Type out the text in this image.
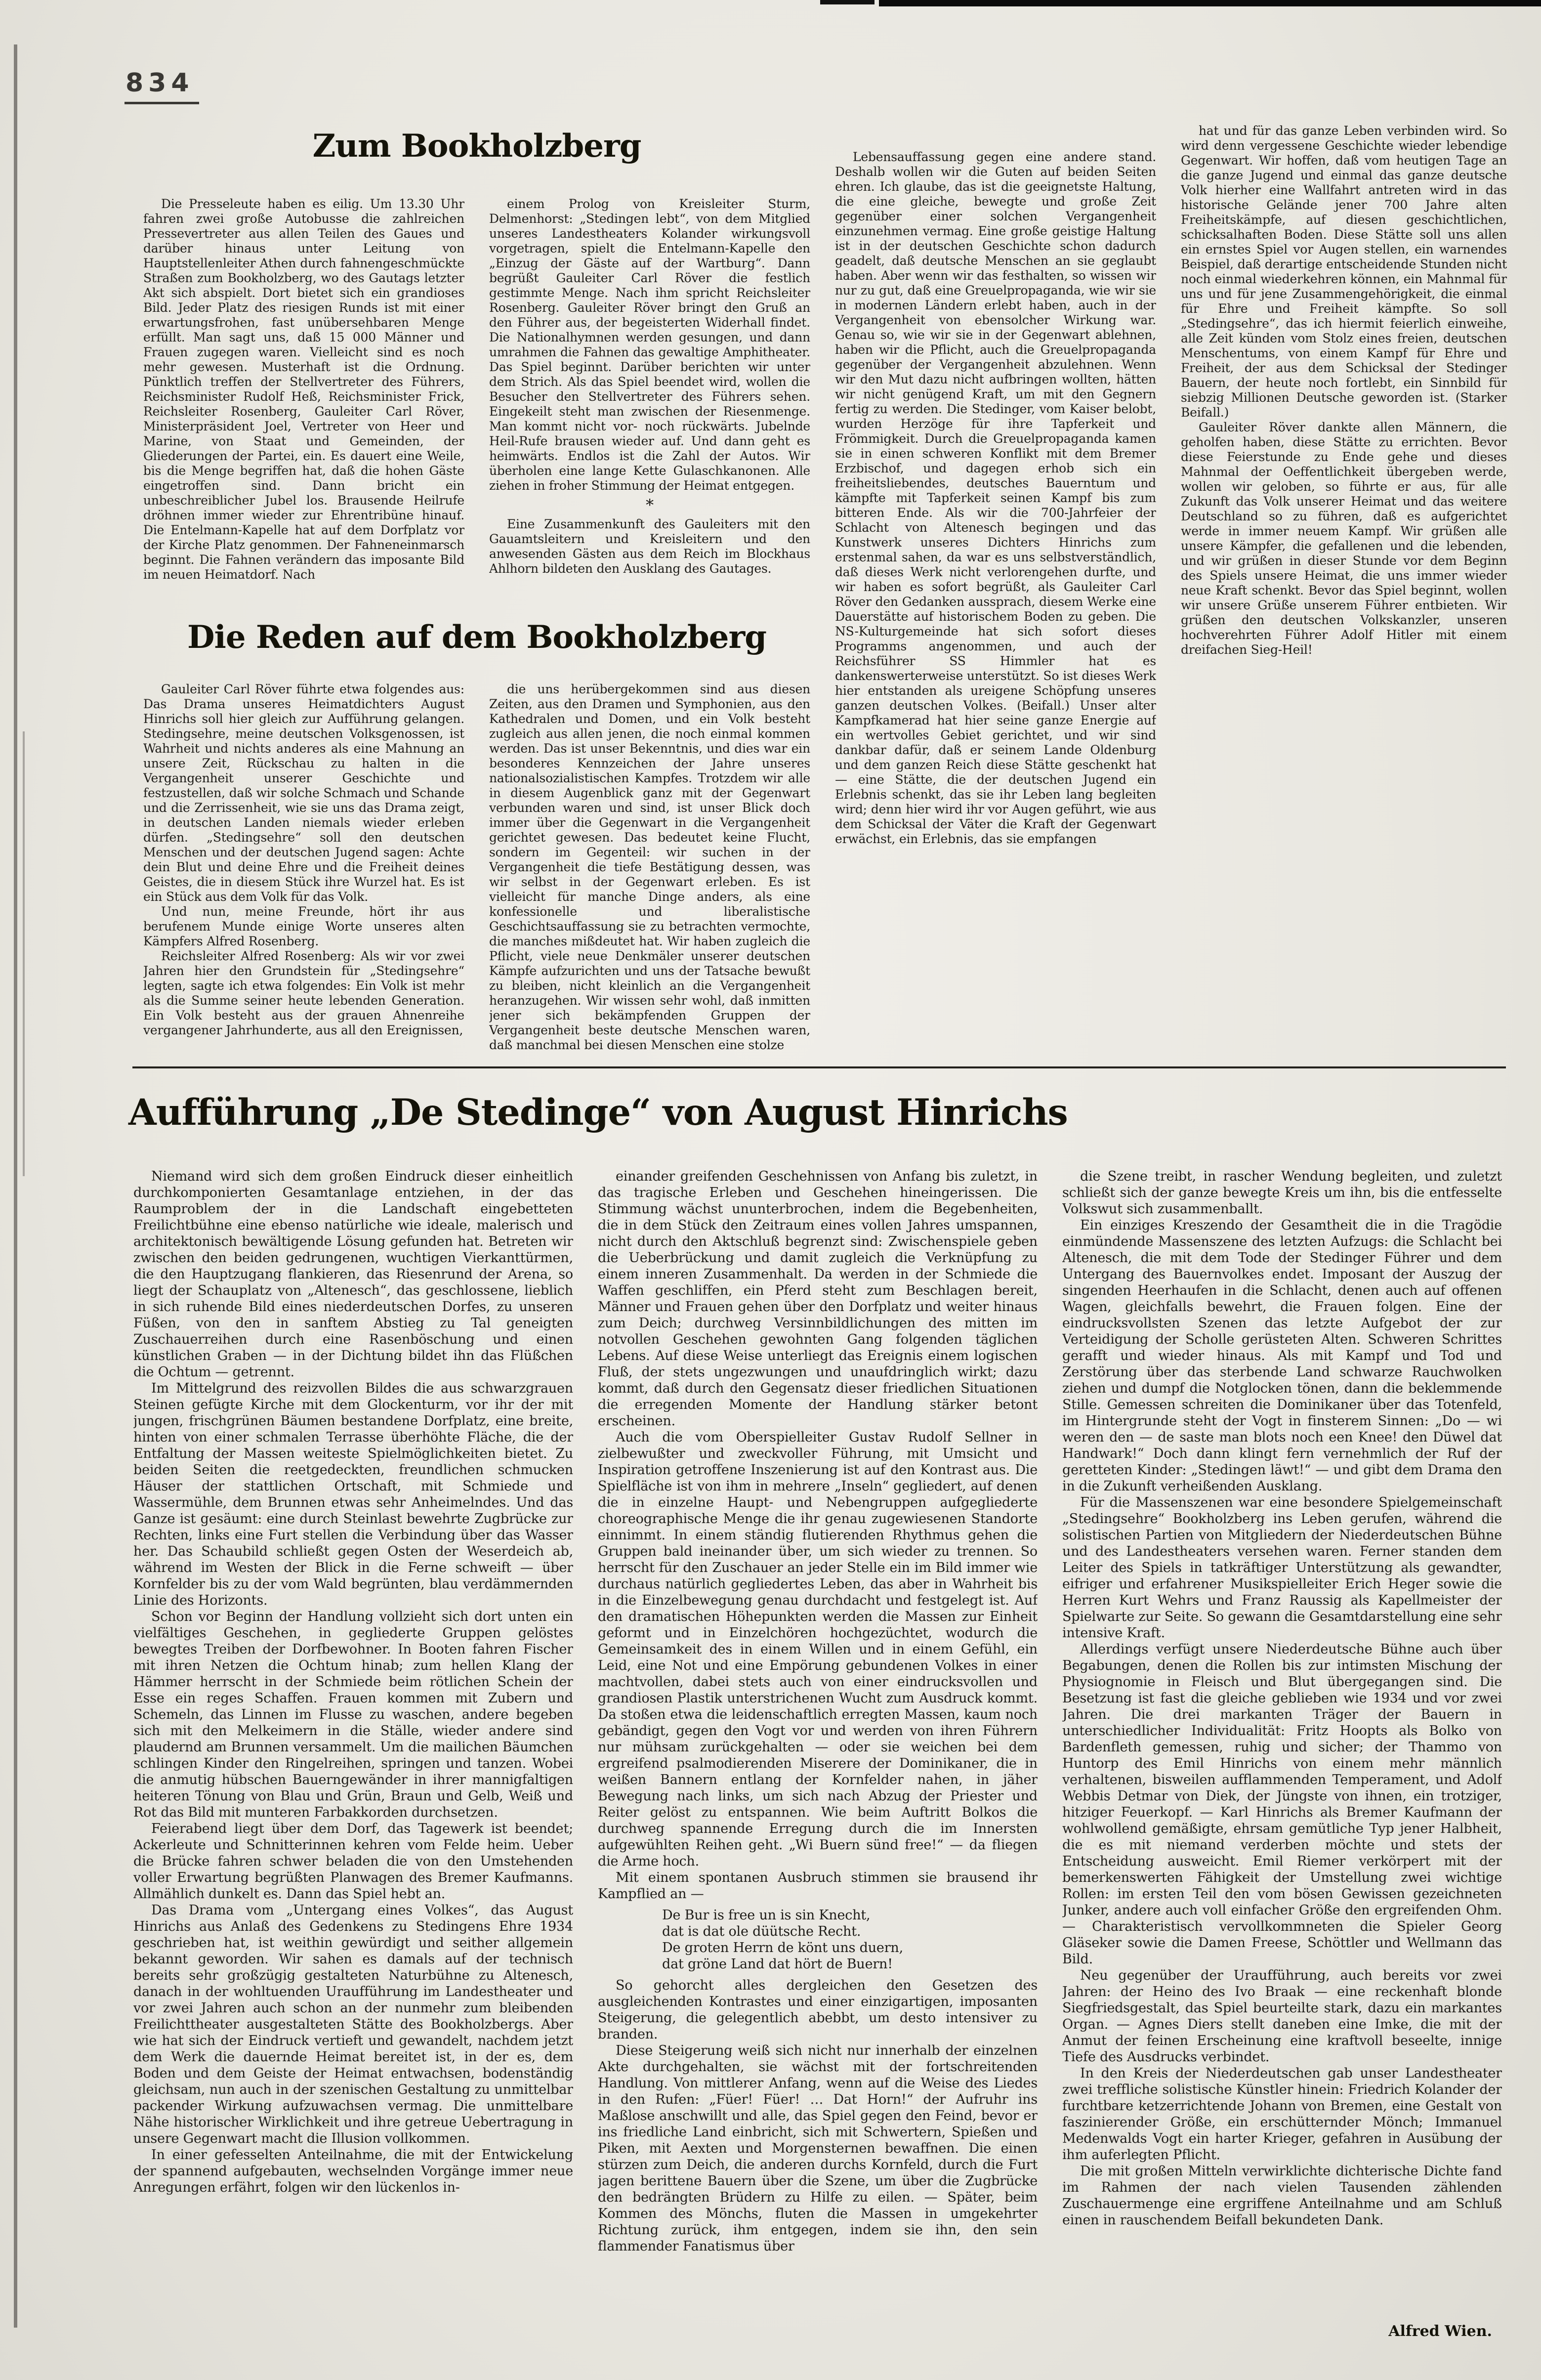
834
Zum Bookholzberg

Die Presseleute haben es eilig. Um 13.30 Uhr fahren zwei große Autobusse die zahlreichen Pressevertreter aus allen Teilen des Gaues und darüber hinaus unter Leitung von Hauptstellenleiter Athen durch fahnengeschmückte Straßen zum Bookholzberg, wo des Gautags letzter Akt sich abspielt. Dort bietet sich ein grandioses Bild. Jeder Platz des riesigen Runds ist mit einer erwartungsfrohen, fast unübersehbaren Menge erfüllt. Man sagt uns, daß 15 000 Männer und Frauen zugegen waren. Vielleicht sind es noch mehr gewesen. Musterhaft ist die Ordnung. Pünktlich treffen der Stellvertreter des Führers, Reichsminister Rudolf Heß, Reichsminister Frick, Reichsleiter Rosenberg, Gauleiter Carl Röver, Ministerpräsident Joel, Vertreter von Heer und Marine, von Staat und Gemeinden, der Gliederungen der Partei, ein. Es dauert eine Weile, bis die Menge begriffen hat, daß die hohen Gäste eingetroffen sind. Dann bricht ein unbeschreiblicher Jubel los. Brausende Heilrufe dröhnen immer wieder zur Ehrentribüne hinauf. Die Entelmann-Kapelle hat auf dem Dorfplatz vor der Kirche Platz genommen. Der Fahneneinmarsch beginnt. Die Fahnen verändern das imposante Bild im neuen Heimatdorf. Nach

einem Prolog von Kreisleiter Sturm, Delmenhorst: „Stedingen lebt“, von dem Mitglied unseres Landestheaters Kolander wirkungsvoll vorgetragen, spielt die Entelmann-Kapelle den „Einzug der Gäste auf der Wartburg“. Dann begrüßt Gauleiter Carl Röver die festlich gestimmte Menge. Nach ihm spricht Reichsleiter Rosenberg. Gauleiter Röver bringt den Gruß an den Führer aus, der begeisterten Widerhall findet. Die Nationalhymnen werden gesungen, und dann umrahmen die Fahnen das gewaltige Amphitheater. Das Spiel beginnt. Darüber berichten wir unter dem Strich. Als das Spiel beendet wird, wollen die Besucher den Stellvertreter des Führers sehen. Eingekeilt steht man zwischen der Riesenmenge. Man kommt nicht vor- noch rückwärts. Jubelnde Heil-Rufe brausen wieder auf. Und dann geht es heimwärts. Endlos ist die Zahl der Autos. Wir überholen eine lange Kette Gulaschkanonen. Alle ziehen in froher Stimmung der Heimat entgegen.

*

Eine Zusammenkunft des Gauleiters mit den Gauamtsleitern und Kreisleitern und den anwesenden Gästen aus dem Reich im Blockhaus Ahlhorn bildeten den Ausklang des Gautages.

Die Reden auf dem Bookholzberg

Gauleiter Carl Röver führte etwa folgendes aus: Das Drama unseres Heimatdichters August Hinrichs soll hier gleich zur Aufführung gelangen. Stedingsehre, meine deutschen Volksgenossen, ist Wahrheit und nichts anderes als eine Mahnung an unsere Zeit, Rückschau zu halten in die Vergangenheit unserer Geschichte und festzustellen, daß wir solche Schmach und Schande und die Zerrissenheit, wie sie uns das Drama zeigt, in deutschen Landen niemals wieder erleben dürfen. „Stedingsehre“ soll den deutschen Menschen und der deutschen Jugend sagen: Achte dein Blut und deine Ehre und die Freiheit deines Geistes, die in diesem Stück ihre Wurzel hat. Es ist ein Stück aus dem Volk für das Volk.

Und nun, meine Freunde, hört ihr aus berufenem Munde einige Worte unseres alten Kämpfers Alfred Rosenberg.

Reichsleiter Alfred Rosenberg: Als wir vor zwei Jahren hier den Grundstein für „Stedingsehre“ legten, sagte ich etwa folgendes: Ein Volk ist mehr als die Summe seiner heute lebenden Generation. Ein Volk besteht aus der grauen Ahnenreihe vergangener Jahrhunderte, aus all den Ereignissen,

die uns herübergekommen sind aus diesen Zeiten, aus den Dramen und Symphonien, aus den Kathedralen und Domen, und ein Volk besteht zugleich aus allen jenen, die noch einmal kommen werden. Das ist unser Bekenntnis, und dies war ein besonderes Kennzeichen der Jahre unseres nationalsozialistischen Kampfes. Trotzdem wir alle in diesem Augenblick ganz mit der Gegenwart verbunden waren und sind, ist unser Blick doch immer über die Gegenwart in die Vergangenheit gerichtet gewesen. Das bedeutet keine Flucht, sondern im Gegenteil: wir suchen in der Vergangenheit die tiefe Bestätigung dessen, was wir selbst in der Gegenwart erleben. Es ist vielleicht für manche Dinge anders, als eine konfessionelle und liberalistische Geschichtsauffassung sie zu betrachten vermochte, die manches mißdeutet hat. Wir haben zugleich die Pflicht, viele neue Denkmäler unserer deutschen Kämpfe aufzurichten und uns der Tatsache bewußt zu bleiben, nicht kleinlich an die Vergangenheit heranzugehen. Wir wissen sehr wohl, daß inmitten jener sich bekämpfenden Gruppen der Vergangenheit beste deutsche Menschen waren, daß manchmal bei diesen Menschen eine stolze

Lebensauffassung gegen eine andere stand. Deshalb wollen wir die Guten auf beiden Seiten ehren. Ich glaube, das ist die geeignetste Haltung, die eine gleiche, bewegte und große Zeit gegenüber einer solchen Vergangenheit einzunehmen vermag. Eine große geistige Haltung ist in der deutschen Geschichte schon dadurch geadelt, daß deutsche Menschen an sie geglaubt haben. Aber wenn wir das festhalten, so wissen wir nur zu gut, daß eine Greuelpropaganda, wie wir sie in modernen Ländern erlebt haben, auch in der Vergangenheit von ebensolcher Wirkung war. Genau so, wie wir sie in der Gegenwart ablehnen, haben wir die Pflicht, auch die Greuelpropaganda gegenüber der Vergangenheit abzulehnen. Wenn wir den Mut dazu nicht aufbringen wollten, hätten wir nicht genügend Kraft, um mit den Gegnern fertig zu werden. Die Stedinger, vom Kaiser belobt, wurden Herzöge für ihre Tapferkeit und Frömmigkeit. Durch die Greuelpropaganda kamen sie in einen schweren Konflikt mit dem Bremer Erzbischof, und dagegen erhob sich ein freiheitsliebendes, deutsches Bauerntum und kämpfte mit Tapferkeit seinen Kampf bis zum bitteren Ende. Als wir die 700-Jahrfeier der Schlacht von Altenesch begingen und das Kunstwerk unseres Dichters Hinrichs zum erstenmal sahen, da war es uns selbstverständlich, daß dieses Werk nicht verlorengehen durfte, und wir haben es sofort begrüßt, als Gauleiter Carl Röver den Gedanken aussprach, diesem Werke eine Dauerstätte auf historischem Boden zu geben. Die NS-Kulturgemeinde hat sich sofort dieses Programms angenommen, und auch der Reichsführer SS Himmler hat es dankenswerterweise unterstützt. So ist dieses Werk hier entstanden als ureigene Schöpfung unseres ganzen deutschen Volkes. (Beifall.) Unser alter Kampfkamerad hat hier seine ganze Energie auf ein wertvolles Gebiet gerichtet, und wir sind dankbar dafür, daß er seinem Lande Oldenburg und dem ganzen Reich diese Stätte geschenkt hat — eine Stätte, die der deutschen Jugend ein Erlebnis schenkt, das sie ihr Leben lang begleiten wird; denn hier wird ihr vor Augen geführt, wie aus dem Schicksal der Väter die Kraft der Gegenwart erwächst, ein Erlebnis, das sie empfangen

hat und für das ganze Leben verbinden wird. So wird denn vergessene Geschichte wieder lebendige Gegenwart. Wir hoffen, daß vom heutigen Tage an die ganze Jugend und einmal das ganze deutsche Volk hierher eine Wallfahrt antreten wird in das historische Gelände jener 700 Jahre alten Freiheitskämpfe, auf diesen geschichtlichen, schicksalhaften Boden. Diese Stätte soll uns allen ein ernstes Spiel vor Augen stellen, ein warnendes Beispiel, daß derartige entscheidende Stunden nicht noch einmal wiederkehren können, ein Mahnmal für uns und für jene Zusammengehörigkeit, die einmal für Ehre und Freiheit kämpfte. So soll „Stedingsehre“, das ich hiermit feierlich einweihe, alle Zeit künden vom Stolz eines freien, deutschen Menschentums, von einem Kampf für Ehre und Freiheit, der aus dem Schicksal der Stedinger Bauern, der heute noch fortlebt, ein Sinnbild für siebzig Millionen Deutsche geworden ist. (Starker Beifall.)

Gauleiter Röver dankte allen Männern, die geholfen haben, diese Stätte zu errichten. Bevor diese Feierstunde zu Ende gehe und dieses Mahnmal der Oeffentlichkeit übergeben werde, wollen wir geloben, so führte er aus, für alle Zukunft das Volk unserer Heimat und das weitere Deutschland so zu führen, daß es aufgerichtet werde in immer neuem Kampf. Wir grüßen alle unsere Kämpfer, die gefallenen und die lebenden, und wir grüßen in dieser Stunde vor dem Beginn des Spiels unsere Heimat, die uns immer wieder neue Kraft schenkt. Bevor das Spiel beginnt, wollen wir unsere Grüße unserem Führer entbieten. Wir grüßen den deutschen Volkskanzler, unseren hochverehrten Führer Adolf Hitler mit einem dreifachen Sieg-Heil!

Aufführung „De Stedinge“ von August Hinrichs

Niemand wird sich dem großen Eindruck dieser einheitlich durchkomponierten Gesamtanlage entziehen, in der das Raumproblem der in die Landschaft eingebetteten Freilichtbühne eine ebenso natürliche wie ideale, malerisch und architektonisch bewältigende Lösung gefunden hat. Betreten wir zwischen den beiden gedrungenen, wuchtigen Vierkanttürmen, die den Hauptzugang flankieren, das Riesenrund der Arena, so liegt der Schauplatz von „Altenesch“, das geschlossene, lieblich in sich ruhende Bild eines niederdeutschen Dorfes, zu unseren Füßen, von den in sanftem Abstieg zu Tal geneigten Zuschauerreihen durch eine Rasenböschung und einen künstlichen Graben — in der Dichtung bildet ihn das Flüßchen die Ochtum — getrennt.

Im Mittelgrund des reizvollen Bildes die aus schwarzgrauen Steinen gefügte Kirche mit dem Glockenturm, vor ihr der mit jungen, frischgrünen Bäumen bestandene Dorfplatz, eine breite, hinten von einer schmalen Terrasse überhöhte Fläche, die der Entfaltung der Massen weiteste Spielmöglichkeiten bietet. Zu beiden Seiten die reetgedeckten, freundlichen schmucken Häuser der stattlichen Ortschaft, mit Schmiede und Wassermühle, dem Brunnen etwas sehr Anheimelndes. Und das Ganze ist gesäumt: eine durch Steinlast bewehrte Zugbrücke zur Rechten, links eine Furt stellen die Verbindung über das Wasser her. Das Schaubild schließt gegen Osten der Weserdeich ab, während im Westen der Blick in die Ferne schweift — über Kornfelder bis zu der vom Wald begrünten, blau verdämmernden Linie des Horizonts.

Schon vor Beginn der Handlung vollzieht sich dort unten ein vielfältiges Geschehen, in gegliederte Gruppen gelöstes bewegtes Treiben der Dorfbewohner. In Booten fahren Fischer mit ihren Netzen die Ochtum hinab; zum hellen Klang der Hämmer herrscht in der Schmiede beim rötlichen Schein der Esse ein reges Schaffen. Frauen kommen mit Zubern und Schemeln, das Linnen im Flusse zu waschen, andere begeben sich mit den Melkeimern in die Ställe, wieder andere sind plaudernd am Brunnen versammelt. Um die mailichen Bäumchen schlingen Kinder den Ringelreihen, springen und tanzen. Wobei die anmutig hübschen Bauerngewänder in ihrer mannigfaltigen heiteren Tönung von Blau und Grün, Braun und Gelb, Weiß und Rot das Bild mit munteren Farbakkorden durchsetzen.

Feierabend liegt über dem Dorf, das Tagewerk ist beendet; Ackerleute und Schnitterinnen kehren vom Felde heim. Ueber die Brücke fahren schwer beladen die von den Umstehenden voller Erwartung begrüßten Planwagen des Bremer Kaufmanns. Allmählich dunkelt es. Dann das Spiel hebt an.

Das Drama vom „Untergang eines Volkes“, das August Hinrichs aus Anlaß des Gedenkens zu Stedingens Ehre 1934 geschrieben hat, ist weithin gewürdigt und seither allgemein bekannt geworden. Wir sahen es damals auf der technisch bereits sehr großzügig gestalteten Naturbühne zu Altenesch, danach in der wohltuenden Uraufführung im Landestheater und vor zwei Jahren auch schon an der nunmehr zum bleibenden Freilichttheater ausgestalteten Stätte des Bookholzbergs. Aber wie hat sich der Eindruck vertieft und gewandelt, nachdem jetzt dem Werk die dauernde Heimat bereitet ist, in der es, dem Boden und dem Geiste der Heimat entwachsen, bodenständig gleichsam, nun auch in der szenischen Gestaltung zu unmittelbar packender Wirkung aufzuwachsen vermag. Die unmittelbare Nähe historischer Wirklichkeit und ihre getreue Uebertragung in unsere Gegenwart macht die Illusion vollkommen.

In einer gefesselten Anteilnahme, die mit der Entwickelung der spannend aufgebauten, wechselnden Vorgänge immer neue Anregungen erfährt, folgen wir den lückenlos in-

einander greifenden Geschehnissen von Anfang bis zuletzt, in das tragische Erleben und Geschehen hineingerissen. Die Stimmung wächst ununterbrochen, indem die Begebenheiten, die in dem Stück den Zeitraum eines vollen Jahres umspannen, nicht durch den Aktschluß begrenzt sind: Zwischenspiele geben die Ueberbrückung und damit zugleich die Verknüpfung zu einem inneren Zusammenhalt. Da werden in der Schmiede die Waffen geschliffen, ein Pferd steht zum Beschlagen bereit, Männer und Frauen gehen über den Dorfplatz und weiter hinaus zum Deich; durchweg Versinnbildlichungen des mitten im notvollen Geschehen gewohnten Gang folgenden täglichen Lebens. Auf diese Weise unterliegt das Ereignis einem logischen Fluß, der stets ungezwungen und unaufdringlich wirkt; dazu kommt, daß durch den Gegensatz dieser friedlichen Situationen die erregenden Momente der Handlung stärker betont erscheinen.

Auch die vom Oberspielleiter Gustav Rudolf Sellner in zielbewußter und zweckvoller Führung, mit Umsicht und Inspiration getroffene Inszenierung ist auf den Kontrast aus. Die Spielfläche ist von ihm in mehrere „Inseln“ gegliedert, auf denen die in einzelne Haupt- und Nebengruppen aufgegliederte choreographische Menge die ihr genau zugewiesenen Standorte einnimmt. In einem ständig flutierenden Rhythmus gehen die Gruppen bald ineinander über, um sich wieder zu trennen. So herrscht für den Zuschauer an jeder Stelle ein im Bild immer wie durchaus natürlich gegliedertes Leben, das aber in Wahrheit bis in die Einzelbewegung genau durchdacht und festgelegt ist. Auf den dramatischen Höhepunkten werden die Massen zur Einheit geformt und in Einzelchören hochgezüchtet, wodurch die Gemeinsamkeit des in einem Willen und in einem Gefühl, ein Leid, eine Not und eine Empörung gebundenen Volkes in einer machtvollen, dabei stets auch von einer eindrucksvollen und grandiosen Plastik unterstrichenen Wucht zum Ausdruck kommt. Da stoßen etwa die leidenschaftlich erregten Massen, kaum noch gebändigt, gegen den Vogt vor und werden von ihren Führern nur mühsam zurückgehalten — oder sie weichen bei dem ergreifend psalmodierenden Miserere der Dominikaner, die in weißen Bannern entlang der Kornfelder nahen, in jäher Bewegung nach links, um sich nach Abzug der Priester und Reiter gelöst zu entspannen. Wie beim Auftritt Bolkos die durchweg spannende Erregung durch die im Innersten aufgewühlten Reihen geht. „Wi Buern sünd free!“ — da fliegen die Arme hoch.

Mit einem spontanen Ausbruch stimmen sie brausend ihr Kampflied an —

De Bur is free un is sin Knecht,
dat is dat ole düütsche Recht.
De groten Herrn de könt uns duern,
dat gröne Land dat hört de Buern!

So gehorcht alles dergleichen den Gesetzen des ausgleichenden Kontrastes und einer einzigartigen, imposanten Steigerung, die gelegentlich abebbt, um desto intensiver zu branden.

Diese Steigerung weiß sich nicht nur innerhalb der einzelnen Akte durchgehalten, sie wächst mit der fortschreitenden Handlung. Von mittlerer Anfang, wenn auf die Weise des Liedes in den Rufen: „Füer! Füer! … Dat Horn!“ der Aufruhr ins Maßlose anschwillt und alle, das Spiel gegen den Feind, bevor er ins friedliche Land einbricht, sich mit Schwertern, Spießen und Piken, mit Aexten und Morgensternen bewaffnen. Die einen stürzen zum Deich, die anderen durchs Kornfeld, durch die Furt jagen berittene Bauern über die Szene, um über die Zugbrücke den bedrängten Brüdern zu Hilfe zu eilen. — Später, beim Kommen des Mönchs, fluten die Massen in umgekehrter Richtung zurück, ihm entgegen, indem sie ihn, den sein flammender Fanatismus über

die Szene treibt, in rascher Wendung begleiten, und zuletzt schließt sich der ganze bewegte Kreis um ihn, bis die entfesselte Volkswut sich zusammenballt.

Ein einziges Kreszendo der Gesamtheit die in die Tragödie einmündende Massenszene des letzten Aufzugs: die Schlacht bei Altenesch, die mit dem Tode der Stedinger Führer und dem Untergang des Bauernvolkes endet. Imposant der Auszug der singenden Heerhaufen in die Schlacht, denen auch auf offenen Wagen, gleichfalls bewehrt, die Frauen folgen. Eine der eindrucksvollsten Szenen das letzte Aufgebot der zur Verteidigung der Scholle gerüsteten Alten. Schweren Schrittes gerafft und wieder hinaus. Als mit Kampf und Tod und Zerstörung über das sterbende Land schwarze Rauchwolken ziehen und dumpf die Notglocken tönen, dann die beklemmende Stille. Gemessen schreiten die Dominikaner über das Totenfeld, im Hintergrunde steht der Vogt in finsterem Sinnen: „Do — wi weren den — de saste man blots noch een Knee! den Düwel dat Handwark!“ Doch dann klingt fern vernehmlich der Ruf der geretteten Kinder: „Stedingen läwt!“ — und gibt dem Drama den in die Zukunft verheißenden Ausklang.

Für die Massenszenen war eine besondere Spielgemeinschaft „Stedingsehre“ Bookholzberg ins Leben gerufen, während die solistischen Partien von Mitgliedern der Niederdeutschen Bühne und des Landestheaters versehen waren. Ferner standen dem Leiter des Spiels in tatkräftiger Unterstützung als gewandter, eifriger und erfahrener Musikspielleiter Erich Heger sowie die Herren Kurt Wehrs und Franz Raussig als Kapellmeister der Spielwarte zur Seite. So gewann die Gesamtdarstellung eine sehr intensive Kraft.

Allerdings verfügt unsere Niederdeutsche Bühne auch über Begabungen, denen die Rollen bis zur intimsten Mischung der Physiognomie in Fleisch und Blut übergegangen sind. Die Besetzung ist fast die gleiche geblieben wie 1934 und vor zwei Jahren. Die drei markanten Träger der Bauern in unterschiedlicher Individualität: Fritz Hoopts als Bolko von Bardenfleth gemessen, ruhig und sicher; der Thammo von Huntorp des Emil Hinrichs von einem mehr männlich verhaltenen, bisweilen aufflammenden Temperament, und Adolf Webbis Detmar von Diek, der Jüngste von ihnen, ein trotziger, hitziger Feuerkopf. — Karl Hinrichs als Bremer Kaufmann der wohlwollend gemäßigte, ehrsam gemütliche Typ jener Halbheit, die es mit niemand verderben möchte und stets der Entscheidung ausweicht. Emil Riemer verkörpert mit der bemerkenswerten Fähigkeit der Umstellung zwei wichtige Rollen: im ersten Teil den vom bösen Gewissen gezeichneten Junker, andere auch voll einfacher Größe den ergreifenden Ohm. — Charakteristisch vervollkommneten die Spieler Georg Gläseker sowie die Damen Freese, Schöttler und Wellmann das Bild.

Neu gegenüber der Uraufführung, auch bereits vor zwei Jahren: der Heino des Ivo Braak — eine reckenhaft blonde Siegfriedsgestalt, das Spiel beurteilte stark, dazu ein markantes Organ. — Agnes Diers stellt daneben eine Imke, die mit der Anmut der feinen Erscheinung eine kraftvoll beseelte, innige Tiefe des Ausdrucks verbindet.

In den Kreis der Niederdeutschen gab unser Landestheater zwei treffliche solistische Künstler hinein: Friedrich Kolander der furchtbare ketzerrichtende Johann von Bremen, eine Gestalt von faszinierender Größe, ein erschütternder Mönch; Immanuel Medenwalds Vogt ein harter Krieger, gefahren in Ausübung der ihm auferlegten Pflicht.

Die mit großen Mitteln verwirklichte dichterische Dichte fand im Rahmen der nach vielen Tausenden zählenden Zuschauermenge eine ergriffene Anteilnahme und am Schluß einen in rauschendem Beifall bekundeten Dank.

Alfred Wien.
